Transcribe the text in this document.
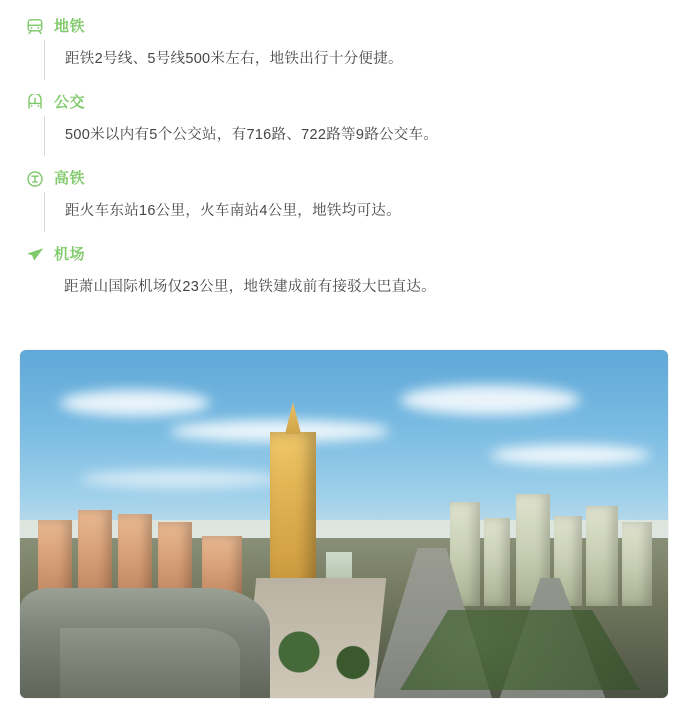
地铁
距铁2号线、5号线500米左右，地铁出行十分便捷。
公交
500米以内有5个公交站，有716路、722路等9路公交车。
高铁
距火车东站16公里，火车南站4公里，地铁均可达。
机场
距萧山国际机场仅23公里，地铁建成前有接驳大巴直达。
